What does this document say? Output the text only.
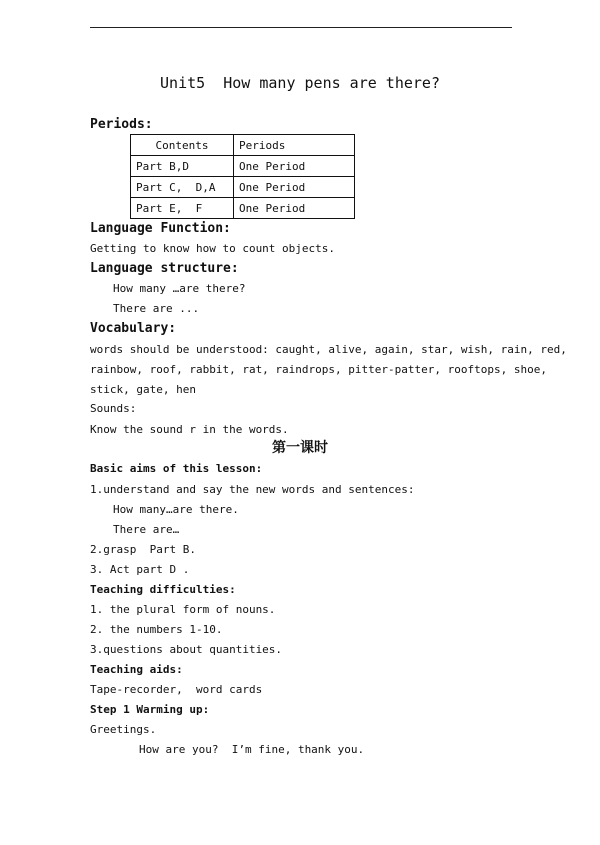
Unit5  How many pens are there?
Periods:
Contents	Periods
Part B,D	One Period
Part C,  D,A	One Period
Part E,  F	One Period
Language Function:
Getting to know how to count objects.
Language structure:
How many …are there?
There are ...
Vocabulary:
words should be understood: caught, alive, again, star, wish, rain, red,
rainbow, roof, rabbit, rat, raindrops, pitter-patter, rooftops, shoe,
stick, gate, hen
Sounds:
Know the sound r in the words.
第一课时
Basic aims of this lesson:
1.understand and say the new words and sentences:
How many…are there.
There are…
2.grasp  Part B.
3. Act part D .
Teaching difficulties:
1. the plural form of nouns.
2. the numbers 1-10.
3.questions about quantities.
Teaching aids:
Tape-recorder,  word cards
Step 1 Warming up:
Greetings.
How are you?  I’m fine, thank you.
